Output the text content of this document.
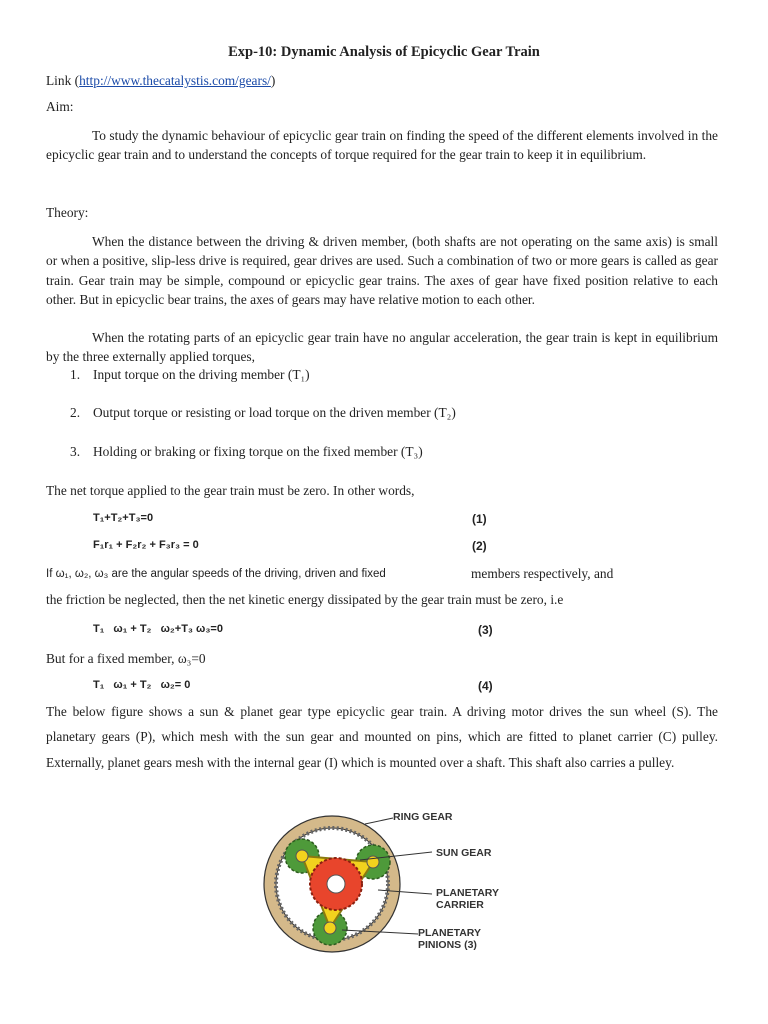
Exp-10: Dynamic Analysis of Epicyclic Gear Train
Link (http://www.thecatalystis.com/gears/)
Aim:
To study the dynamic behaviour of epicyclic gear train on finding the speed of the different elements involved in the epicyclic gear train and to understand the concepts of torque required for the gear train to keep it in equilibrium.
Theory:
When the distance between the driving & driven member, (both shafts are not operating on the same axis) is small or when a positive, slip-less drive is required, gear drives are used. Such a combination of two or more gears is called as gear train. Gear train may be simple, compound or epicyclic gear trains. The axes of gear have fixed position relative to each other. But in epicyclic bear trains, the axes of gears may have relative motion to each other.
When the rotating parts of an epicyclic gear train have no angular acceleration, the gear train is kept in equilibrium by the three externally applied torques,
1. Input torque on the driving member (T₁)
2. Output torque or resisting or load torque on the driven member (T₂)
3. Holding or braking or fixing torque on the fixed member (T₃)
The net torque applied to the gear train must be zero. In other words,
T₁+T₂+T₃=0	(1)
F₁r₁ + F₂r₂ + F₃r₃ = 0	(2)
If ω₁, ω₂, ω₃ are the angular speeds of the driving, driven and fixed	members respectively, and
the friction be neglected, then the net kinetic energy dissipated by the gear train must be zero, i.e
T₁   ω₁ + T₂   ω₂+T₃ ω₃=0	(3)
But for a fixed member, ω₃=0
T₁   ω₁ + T₂   ω₂= 0	(4)
The below figure shows a sun & planet gear type epicyclic gear train. A driving motor drives the sun wheel (S). The planetary gears (P), which mesh with the sun gear and mounted on pins, which are fitted to planet carrier (C) pulley. Externally, planet gears mesh with the internal gear (I) which is mounted over a shaft. This shaft also carries a pulley.
RING GEAR
SUN GEAR
PLANETARY
CARRIER
PLANETARY
PINIONS (3)
